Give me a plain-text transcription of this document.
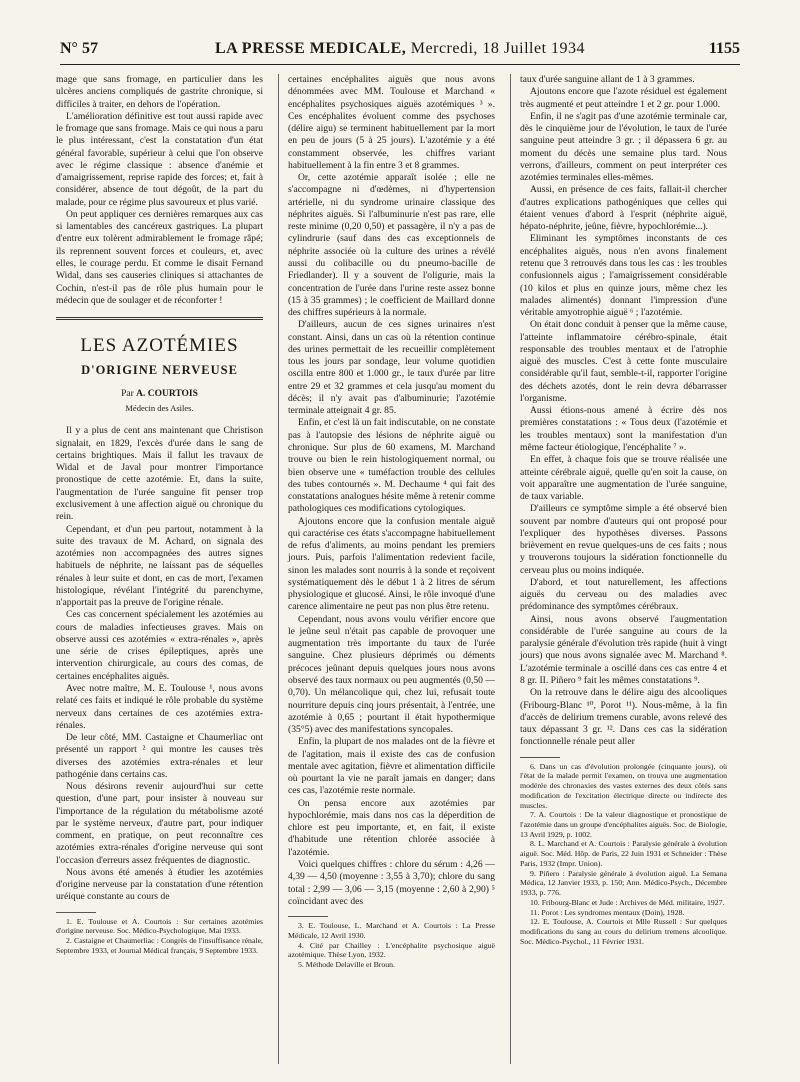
N° 57	LA PRESSE MEDICALE, Mercredi, 18 Juillet 1934	1155

mage que sans fromage, en particulier dans les ulcères anciens compliqués de gastrite chronique, si difficiles à traiter, en dehors de l'opération.

L'amélioration définitive est tout aussi rapide avec le fromage que sans fromage. Mais ce qui nous a paru le plus intéressant, c'est la constatation d'un état général favorable, supérieur à celui que l'on observe avec le régime classique : absence d'anémie et d'amaigrissement, reprise rapide des forces; et, fait à considérer, absence de tout dégoût, de la part du malade, pour ce régime plus savoureux et plus varié.

On peut appliquer ces dernières remarques aux cas si lamentables des cancéreux gastriques. La plupart d'entre eux tolèrent admirablement le fromage râpé; ils reprennent souvent forces et couleurs, et, avec elles, le courage perdu. Et comme le disait Fernand Widal, dans ses causeries cliniques si attachantes de Cochin, n'est-il pas de rôle plus humain pour le médecin que de soulager et de réconforter !

LES AZOTÉMIES
D'ORIGINE NERVEUSE
Par A. COURTOIS
Médecin des Asiles.

Il y a plus de cent ans maintenant que Christison signalait, en 1829, l'excès d'urée dans le sang de certains brightiques. Mais il fallut les travaux de Widal et de Javal pour montrer l'importance pronostique de cette azotémie. Et, dans la suite, l'augmentation de l'urée sanguine fit penser trop exclusivement à une affection aiguë ou chronique du rein.

Cependant, et d'un peu partout, notamment à la suite des travaux de M. Achard, on signala des azotémies non accompagnées des autres signes habituels de néphrite, ne laissant pas de séquelles rénales à leur suite et dont, en cas de mort, l'examen histologique, révélant l'intégrité du parenchyme, n'apportait pas la preuve de l'origine rénale.

Ces cas concernent spécialement les azotémies au cours de maladies infectieuses graves. Mais on observe aussi ces azotémies « extra-rénales », après une série de crises épileptiques, après une intervention chirurgicale, au cours des comas, de certaines encéphalites aiguës.

Avec notre maître, M. E. Toulouse ¹, nous avons relaté ces faits et indiqué le rôle probable du système nerveux dans certaines de ces azotémies extra-rénales.

De leur côté, MM. Castaigne et Chaumerliac ont présenté un rapport ² qui montre les causes très diverses des azotémies extra-rénales et leur pathogénie dans certains cas.

Nous désirons revenir aujourd'hui sur cette question, d'une part, pour insister à nouveau sur l'importance de la régulation du métabolisme azoté par le système nerveux, d'autre part, pour indiquer comment, en pratique, on peut reconnaître ces azotémies extra-rénales d'origine nerveuse qui sont l'occasion d'erreurs assez fréquentes de diagnostic.

Nous avons été amenés à étudier les azotémies d'origine nerveuse par la constatation d'une rétention uréique constante au cours de

1. E. Toulouse et A. Courtois : Sur certaines azotémies d'origine nerveuse. Soc. Médico-Psychologique, Mai 1933.

2. Castaigne et Chaumerliac : Congrès de l'insuffisance rénale, Septembre 1933, et Journal Médical français, 9 Septembre 1933.

certaines encéphalites aiguës que nous avons dénommées avec MM. Toulouse et Marchand « encéphalites psychosiques aiguës azotémiques ³ ». Ces encéphalites évoluent comme des psychoses (délire aigu) se terminent habituellement par la mort en peu de jours (5 à 25 jours). L'azotémie y a été constamment observée, les chiffres variant habituellement à la fin entre 3 et 8 grammes.

Or, cette azotémie apparaît isolée ; elle ne s'accompagne ni d'œdèmes, ni d'hypertension artérielle, ni du syndrome urinaire classique des néphrites aiguës. Si l'albuminurie n'est pas rare, elle reste minime (0,20 0,50) et passagère, il n'y a pas de cylindrurie (sauf dans des cas exceptionnels de néphrite associée où la culture des urines a révélé aussi du colibacille ou du pneumo-bacille de Friedlander). Il y a souvent de l'oligurie, mais la concentration de l'urée dans l'urine reste assez bonne (15 à 35 grammes) ; le coefficient de Maillard donne des chiffres supérieurs à la normale.

D'ailleurs, aucun de ces signes urinaires n'est constant. Ainsi, dans un cas où la rétention continue des urines permettait de les recueillir complètement tous les jours par sondage, leur volume quotidien oscilla entre 800 et 1.000 gr., le taux d'urée par litre entre 29 et 32 grammes et cela jusqu'au moment du décès; il n'y avait pas d'albuminurie; l'azotémie terminale atteignait 4 gr. 85.

Enfin, et c'est là un fait indiscutable, on ne constate pas à l'autopsie des lésions de néphrite aiguë ou chronique. Sur plus de 60 examens, M. Marchand trouve ou bien le rein histologiquement normal, ou bien observe une « tuméfaction trouble des cellules des tubes contournés ». M. Dechaume ⁴ qui fait des constatations analogues hésite même à retenir comme pathologiques ces modifications cytologiques.

Ajoutons encore que la confusion mentale aiguë qui caractérise ces états s'accompagne habituellement de refus d'aliments, au moins pendant les premiers jours. Puis, parfois l'alimentation redevient facile, sinon les malades sont nourris à la sonde et reçoivent systématiquement dès le début 1 à 2 litres de sérum physiologique et glucosé. Ainsi, le rôle invoqué d'une carence alimentaire ne peut pas non plus être retenu.

Cependant, nous avons voulu vérifier encore que le jeûne seul n'était pas capable de provoquer une augmentation très importante du taux de l'urée sanguine. Chez plusieurs déprimés ou déments précoces jeûnant depuis quelques jours nous avons observé des taux normaux ou peu augmentés (0,50 — 0,70). Un mélancolique qui, chez lui, refusait toute nourriture depuis cinq jours présentait, à l'entrée, une azotémie à 0,65 ; pourtant il était hypothermique (35°5) avec des manifestations syncopales.

Enfin, la plupart de nos malades ont de la fièvre et de l'agitation, mais il existe des cas de confusion mentale avec agitation, fièvre et alimentation difficile où pourtant la vie ne paraît jamais en danger; dans ces cas, l'azotémie reste normale.

On pensa encore aux azotémies par hypochlorémie, mais dans nos cas la déperdition de chlore est peu importante, et, en fait, il existe d'habitude une rétention chlorée associée à l'azotémie.

Voici quelques chiffres : chlore du sérum : 4,26 — 4,39 — 4,50 (moyenne : 3,55 à 3,70); chlore du sang total : 2,99 — 3,06 — 3,15 (moyenne : 2,60 à 2,90) ⁵ coïncidant avec des

3. E. Toulouse, L. Marchand et A. Courtois : La Presse Médicale, 12 Avril 1930.

4. Cité par Chailley : L'encéphalite psychosique aiguë azotémique. Thèse Lyon, 1932.

5. Méthode Delaville et Broun.

taux d'urée sanguine allant de 1 à 3 grammes.

Ajoutons encore que l'azote résiduel est également très augmenté et peut atteindre 1 et 2 gr. pour 1.000.

Enfin, il ne s'agit pas d'une azotémie terminale car, dès le cinquième jour de l'évolution, le taux de l'urée sanguine peut atteindre 3 gr. ; il dépassera 6 gr. au moment du décès une semaine plus tard. Nous verrons, d'ailleurs, comment on peut interpréter ces azotémies terminales elles-mêmes.

Aussi, en présence de ces faits, fallait-il chercher d'autres explications pathogéniques que celles qui étaient venues d'abord à l'esprit (néphrite aiguë, hépato-néphrite, jeûne, fièvre, hypochlorémie...).

Eliminant les symptômes inconstants de ces encéphalites aiguës, nous n'en avons finalement retenu que 3 retrouvés dans tous les cas : les troubles confusionnels aigus ; l'amaigrissement considérable (10 kilos et plus en quinze jours, même chez les malades alimentés) donnant l'impression d'une véritable amyotrophie aiguë ⁶ ; l'azotémie.

On était donc conduit à penser que la même cause, l'atteinte inflammatoire cérébro-spinale, était responsable des troubles mentaux et de l'atrophie aiguë des muscles. C'est à cette fonte musculaire considérable qu'il faut, semble-t-il, rapporter l'origine des déchets azotés, dont le rein devra débarrasser l'organisme.

Aussi étions-nous amené à écrire dès nos premières constatations : « Tous deux (l'azotémie et les troubles mentaux) sont la manifestation d'un même facteur étiologique, l'encéphalite ⁷ ».

En effet, à chaque fois que se trouve réalisée une atteinte cérébrale aiguë, quelle qu'en soit la cause, on voit apparaître une augmentation de l'urée sanguine, de taux variable.

D'ailleurs ce symptôme simple a été observé bien souvent par nombre d'auteurs qui ont proposé pour l'expliquer des hypothèses diverses. Passons brièvement en revue quelques-uns de ces faits ; nous y trouverons toujours la sidération fonctionnelle du cerveau plus ou moins indiquée.

D'abord, et tout naturellement, les affections aiguës du cerveau ou des maladies avec prédominance des symptômes cérébraux.

Ainsi, nous avons observé l'augmentation considérable de l'urée sanguine au cours de la paralysie générale d'évolution très rapide (huit à vingt jours) que nous avons signalée avec M. Marchand ⁸. L'azotémie terminale a oscillé dans ces cas entre 4 et 8 gr. II. Piñero ⁹ fait les mêmes constatations ⁹.

On la retrouve dans le délire aigu des alcooliques (Fribourg-Blanc ¹⁰, Porot ¹¹). Nous-même, à la fin d'accès de delirium tremens curable, avons relevé des taux dépassant 3 gr. ¹². Dans ces cas la sidération fonctionnelle rénale peut aller

6. Dans un cas d'évolution prolongée (cinquante jours), où l'état de la malade permit l'examen, on trouva une augmentation modérée des chronaxies des vastes externes des deux côtés sans modification de l'excitation électrique directe ou indirecte des muscles.

7. A. Courtois : De la valeur diagnostique et pronostique de l'azotémie dans un groupe d'encéphalites aiguës. Soc. de Biologie, 13 Avril 1929, p. 1002.

8. L. Marchand et A. Courtois : Paralysie générale à évolution aiguë. Soc. Méd. Hôp. de Paris, 22 Juin 1931 et Schneider : Thèse Paris, 1932 (Impr. Union).

9. Piñero : Paralysie générale à évolution aiguë. La Semana Médica, 12 Janvier 1933, p. 150; Ann. Médico-Psych., Décembre 1933, p. 776.

10. Fribourg-Blanc et Jude : Archives de Méd. militaire, 1927.

11. Porot : Les syndromes mentaux (Doin), 1928.

12. E. Toulouse, A. Courtois et Mlle Russell : Sur quelques modifications du sang au cours du delirium tremens alcoolique. Soc. Médico-Psychol., 11 Février 1931.
